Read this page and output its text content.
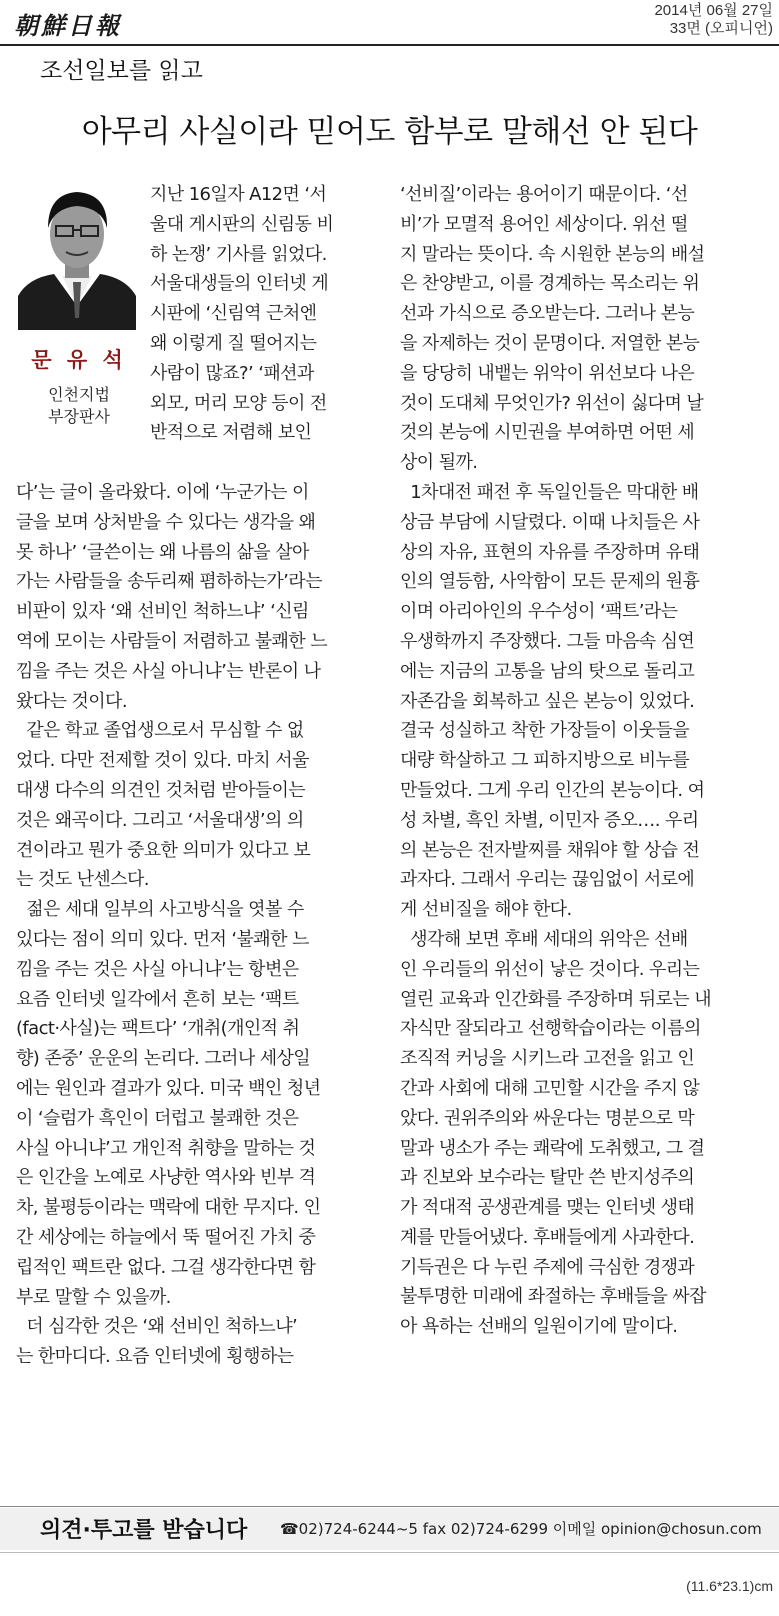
朝鮮日報
2014년 06월 27일
33면 (오피니언)
조선일보를 읽고
아무리 사실이라 믿어도 함부로 말해선 안 된다
문 유 석
인천지법
부장판사
지난 16일자 A12면 ‘서
울대 게시판의 신림동 비
하 논쟁’ 기사를 읽었다.
서울대생들의 인터넷 게
시판에 ‘신림역 근처엔
왜 이렇게 질 떨어지는
사람이 많죠?’ ‘패션과
외모, 머리 모양 등이 전
반적으로 저렴해 보인
다’는 글이 올라왔다. 이에 ‘누군가는 이
글을 보며 상처받을 수 있다는 생각을 왜
못 하나’ ‘글쓴이는 왜 나름의 삶을 살아
가는 사람들을 송두리째 폄하하는가’라는
비판이 있자 ‘왜 선비인 척하느냐’ ‘신림
역에 모이는 사람들이 저렴하고 불쾌한 느
낌을 주는 것은 사실 아니냐’는 반론이 나
왔다는 것이다.
같은 학교 졸업생으로서 무심할 수 없
었다. 다만 전제할 것이 있다. 마치 서울
대생 다수의 의견인 것처럼 받아들이는
것은 왜곡이다. 그리고 ‘서울대생’의 의
견이라고 뭔가 중요한 의미가 있다고 보
는 것도 난센스다.
젊은 세대 일부의 사고방식을 엿볼 수
있다는 점이 의미 있다. 먼저 ‘불쾌한 느
낌을 주는 것은 사실 아니냐’는 항변은
요즘 인터넷 일각에서 흔히 보는 ‘팩트
(fact·사실)는 팩트다’ ‘개취(개인적 취
향) 존중’ 운운의 논리다. 그러나 세상일
에는 원인과 결과가 있다. 미국 백인 청년
이 ‘슬럼가 흑인이 더럽고 불쾌한 것은
사실 아니냐’고 개인적 취향을 말하는 것
은 인간을 노예로 사냥한 역사와 빈부 격
차, 불평등이라는 맥락에 대한 무지다. 인
간 세상에는 하늘에서 뚝 떨어진 가치 중
립적인 팩트란 없다. 그걸 생각한다면 함
부로 말할 수 있을까.
더 심각한 것은 ‘왜 선비인 척하느냐’
는 한마디다. 요즘 인터넷에 횡행하는
‘선비질’이라는 용어이기 때문이다. ‘선
비’가 모멸적 용어인 세상이다. 위선 떨
지 말라는 뜻이다. 속 시원한 본능의 배설
은 찬양받고, 이를 경계하는 목소리는 위
선과 가식으로 증오받는다. 그러나 본능
을 자제하는 것이 문명이다. 저열한 본능
을 당당히 내뱉는 위악이 위선보다 나은
것이 도대체 무엇인가? 위선이 싫다며 날
것의 본능에 시민권을 부여하면 어떤 세
상이 될까.
1차대전 패전 후 독일인들은 막대한 배
상금 부담에 시달렸다. 이때 나치들은 사
상의 자유, 표현의 자유를 주장하며 유태
인의 열등함, 사악함이 모든 문제의 원흉
이며 아리아인의 우수성이 ‘팩트’라는
우생학까지 주장했다. 그들 마음속 심연
에는 지금의 고통을 남의 탓으로 돌리고
자존감을 회복하고 싶은 본능이 있었다.
결국 성실하고 착한 가장들이 이웃들을
대량 학살하고 그 피하지방으로 비누를
만들었다. 그게 우리 인간의 본능이다. 여
성 차별, 흑인 차별, 이민자 증오…. 우리
의 본능은 전자발찌를 채워야 할 상습 전
과자다. 그래서 우리는 끊임없이 서로에
게 선비질을 해야 한다.
생각해 보면 후배 세대의 위악은 선배
인 우리들의 위선이 낳은 것이다. 우리는
열린 교육과 인간화를 주장하며 뒤로는 내
자식만 잘되라고 선행학습이라는 이름의
조직적 커닝을 시키느라 고전을 읽고 인
간과 사회에 대해 고민할 시간을 주지 않
았다. 권위주의와 싸운다는 명분으로 막
말과 냉소가 주는 쾌락에 도취했고, 그 결
과 진보와 보수라는 탈만 쓴 반지성주의
가 적대적 공생관계를 맺는 인터넷 생태
계를 만들어냈다. 후배들에게 사과한다.
기득권은 다 누린 주제에 극심한 경쟁과
불투명한 미래에 좌절하는 후배들을 싸잡
아 욕하는 선배의 일원이기에 말이다.
의견·투고를 받습니다 ☎02)724-6244~5 fax 02)724-6299 이메일 opinion@chosun.com
(11.6*23.1)cm
